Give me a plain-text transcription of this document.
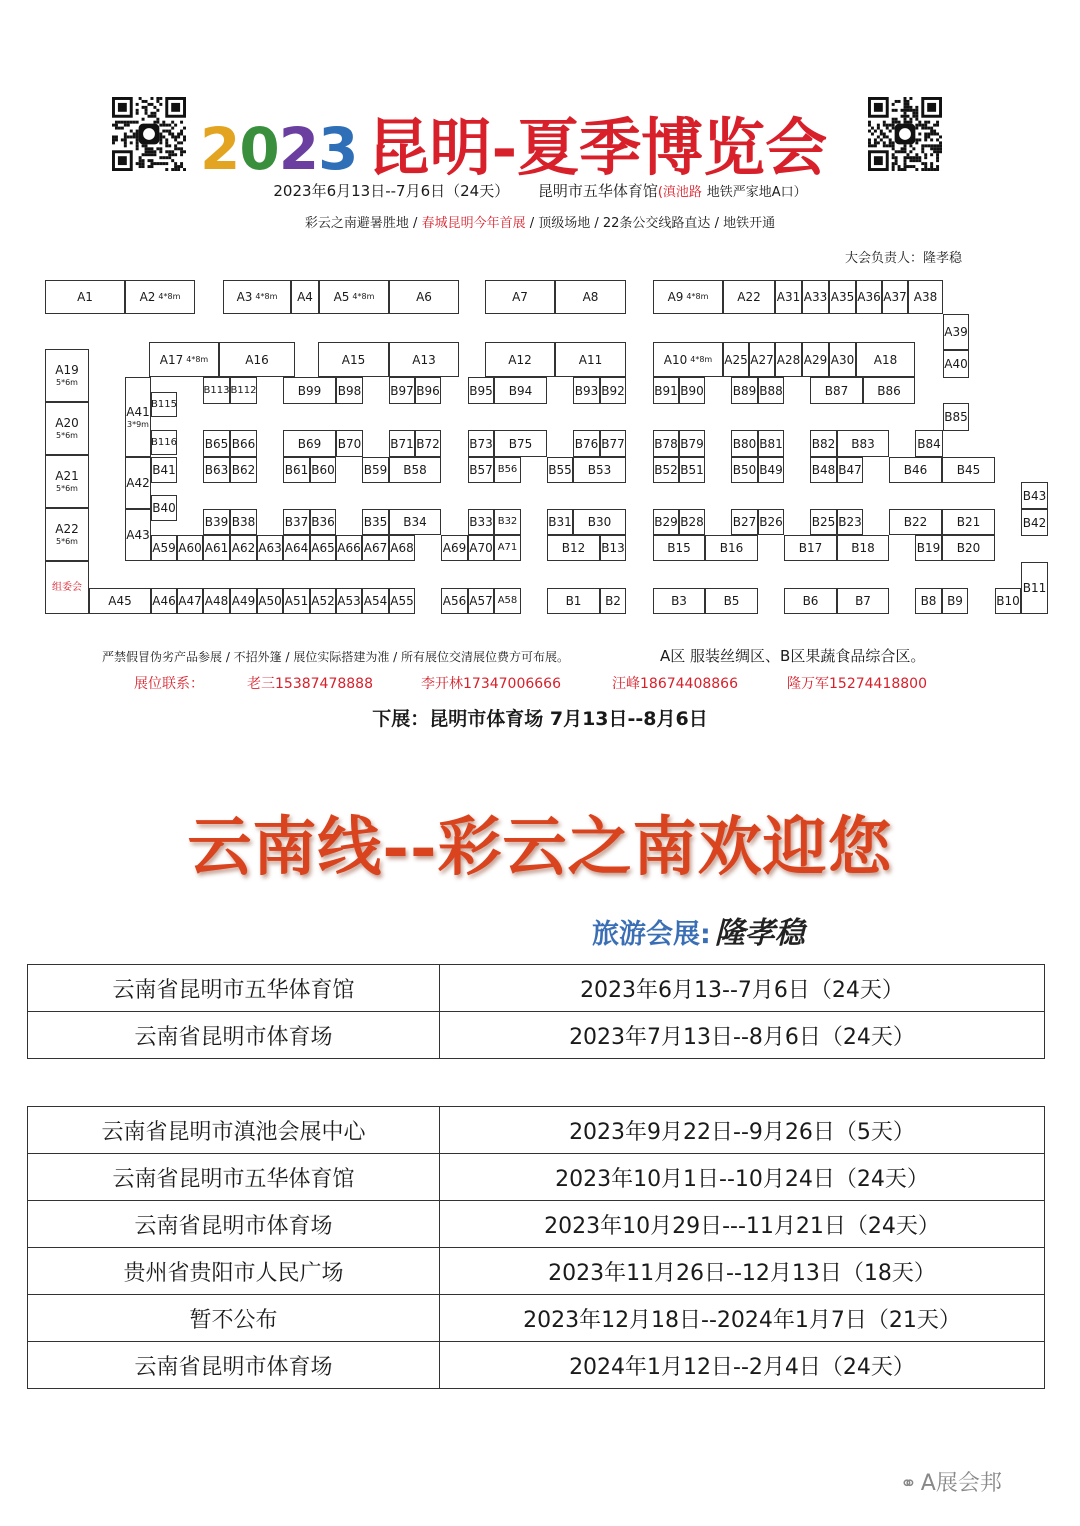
2023 昆明-夏季博览会
2023年6月13日--7月6日（24天） 昆明市五华体育馆(滇池路 地铁严家地A口）
彩云之南避暑胜地 / 春城昆明今年首展 / 顶级场地 / 22条公交线路直达 / 地铁开通
大会负责人：隆孝稳
A1	A2 4*8m	A3 4*8m A4 A5 4*8m	A6	A7	A8	A9 4*8m A22 A31 A33 A35 A36 A37 A38
A39
A40
A17 4*8m	A16	A15	A13	A12	A11	A10 4*8m A25 A27 A28 A29 A30 A18
A19
5*6m
A20
5*6m
A21
5*6m
A22
5*6m
组委会
A41
3*9m
A42
A43
B115
B116
B41
B40
B113 B112	B99 B98 B97 B96 B95 B94	B93 B92 B91 B90 B89 B88	B87 B86
B85
B65 B66	B69 B70 B71 B72 B73 B75	B76 B77 B78 B79 B80 B81 B82 B83	B84
B63 B62 B61 B60 B59 B58	B57 B56	B55 B53	B52 B51 B50 B49 B48 B47	B46 B45
B43
B42
B39 B38 B37 B36 B35 B34	B33 B32	B31 B30	B29 B28 B27 B26 B25 B23	B22 B21
A59 A60 A61 A62 A63 A64 A65 A66 A67 A68 A69 A70 A71	B12 B13	B15 B16	B17 B18	B19 B20
A45 A46 A47 A48 A49 A50 A51 A52 A53 A54 A55 A56 A57 A58	B1 B2	B3	B5	B6	B7	B8 B9	B10
B11
严禁假冒伪劣产品参展 / 不招外篷 / 展位实际搭建为准 / 所有展位交清展位费方可布展。	A区 服装丝绸区、B区果蔬食品综合区。
展位联系：	老三15387478888	李开林17347006666	汪峰18674408866	隆万军15274418800
下展：昆明市体育场 7月13日--8月6日
云南线--彩云之南欢迎您
旅游会展: 隆孝稳
云南省昆明市五华体育馆	2023年6月13--7月6日（24天）
云南省昆明市体育场	2023年7月13日--8月6日（24天）
云南省昆明市滇池会展中心	2023年9月22日--9月26日（5天）
云南省昆明市五华体育馆	2023年10月1日--10月24日（24天）
云南省昆明市体育场	2023年10月29日---11月21日（24天）
贵州省贵阳市人民广场	2023年11月26日--12月13日（18天）
暂不公布	2023年12月18日--2024年1月7日（21天）
云南省昆明市体育场	2024年1月12日--2月4日（24天）
⚭ A展会邦
